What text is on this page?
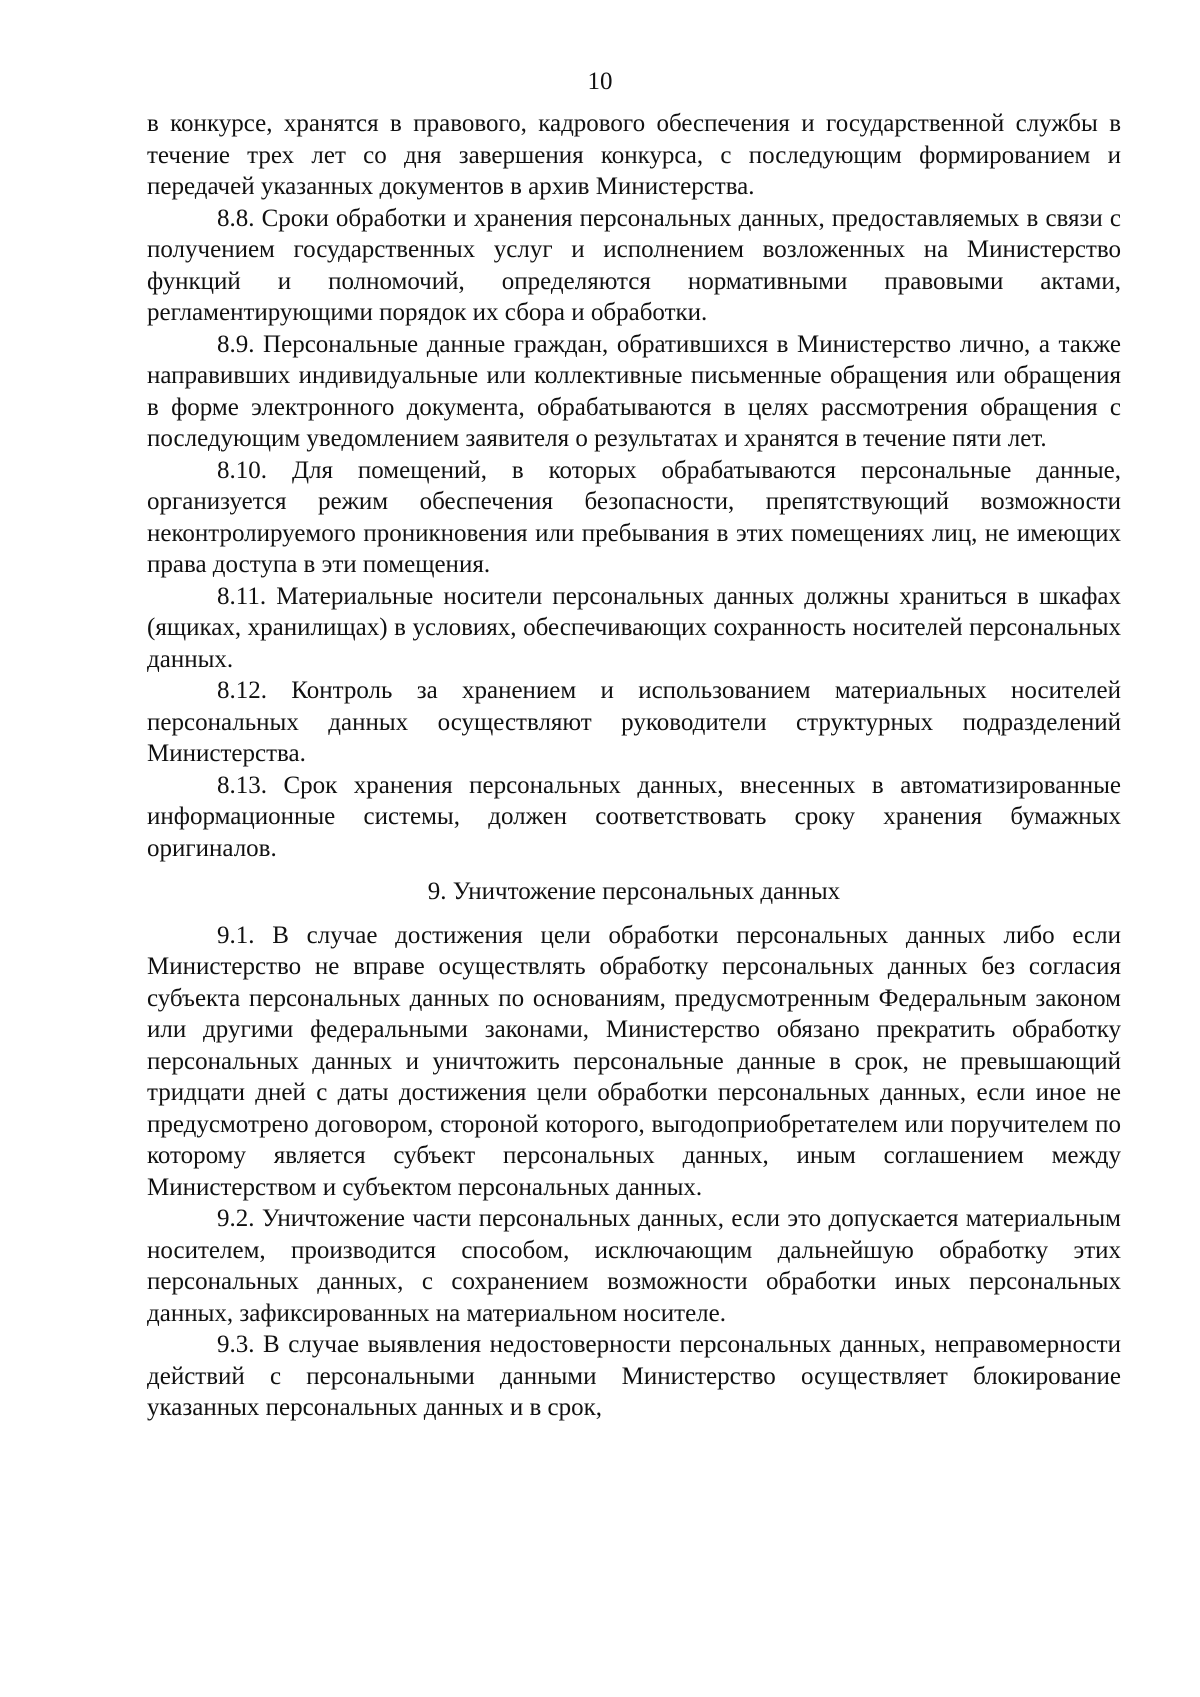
10

в конкурсе, хранятся в правового, кадрового обеспечения и государственной службы в течение трех лет со дня завершения конкурса, с последующим формированием и передачей указанных документов в архив Министерства.

8.8. Сроки обработки и хранения персональных данных, предоставляемых в связи с получением государственных услуг и исполнением возложенных на Министерство функций и полномочий, определяются нормативными правовыми актами, регламентирующими порядок их сбора и обработки.

8.9. Персональные данные граждан, обратившихся в Министерство лично, а также направивших индивидуальные или коллективные письменные обращения или обращения в форме электронного документа, обрабатываются в целях рассмотрения обращения с последующим уведомлением заявителя о результатах и хранятся в течение пяти лет.

8.10. Для помещений, в которых обрабатываются персональные данные, организуется режим обеспечения безопасности, препятствующий возможности неконтролируемого проникновения или пребывания в этих помещениях лиц, не имеющих права доступа в эти помещения.

8.11. Материальные носители персональных данных должны храниться в шкафах (ящиках, хранилищах) в условиях, обеспечивающих сохранность носителей персональных данных.

8.12. Контроль за хранением и использованием материальных носителей персональных данных осуществляют руководители структурных подразделений Министерства.

8.13. Срок хранения персональных данных, внесенных в автоматизированные информационные системы, должен соответствовать сроку хранения бумажных оригиналов.

9. Уничтожение персональных данных

9.1. В случае достижения цели обработки персональных данных либо если Министерство не вправе осуществлять обработку персональных данных без согласия субъекта персональных данных по основаниям, предусмотренным Федеральным законом или другими федеральными законами, Министерство обязано прекратить обработку персональных данных и уничтожить персональные данные в срок, не превышающий тридцати дней с даты достижения цели обработки персональных данных, если иное не предусмотрено договором, стороной которого, выгодоприобретателем или поручителем по которому является субъект персональных данных, иным соглашением между Министерством и субъектом персональных данных.

9.2. Уничтожение части персональных данных, если это допускается материальным носителем, производится способом, исключающим дальнейшую обработку этих персональных данных, с сохранением возможности обработки иных персональных данных, зафиксированных на материальном носителе.

9.3. В случае выявления недостоверности персональных данных, неправомерности действий с персональными данными Министерство осуществляет блокирование указанных персональных данных и в срок,
